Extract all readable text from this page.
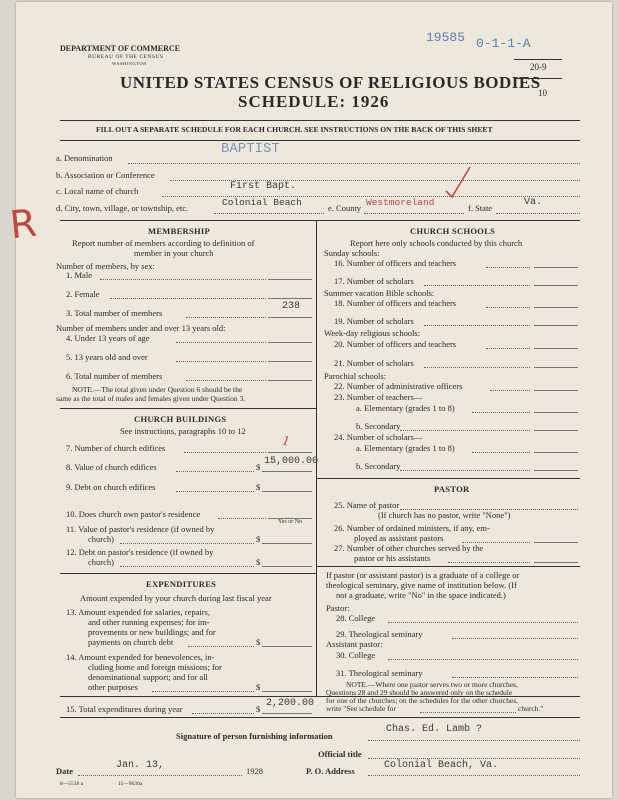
DEPARTMENT OF COMMERCE
BUREAU OF THE CENSUS
WASHINGTON
UNITED STATES CENSUS OF RELIGIOUS BODIES
SCHEDULE: 1926
19585 0-1-1-A
20-9
10
FILL OUT A SEPARATE SCHEDULE FOR EACH CHURCH. SEE INSTRUCTIONS ON THE BACK OF THIS SHEET
BAPTIST
a. Denomination
b. Association or Conference
c. Local name of church	First Bapt.
d. City, town, village, or township, etc.	Colonial Beach	e. County Westmoreland	f. State	Va.
R	MEMBERSHIP
Report number of members according to definition of
member in your church
Number of members, by sex:
1. Male
2. Female
3. Total number of members
238
Number of members under and over 13 years old:
4. Under 13 years of age
5. 13 years old and over
6. Total number of members
NOTE.—The total given under Question 6 should be the
same as the total of males and females given under Question 3.
CHURCH BUILDINGS
See instructions, paragraphs 10 to 12
7. Number of church edifices	1
8. Value of church edifices	$ 15,000.00
9. Debt on church edifices	$
10. Does church own pastor's residence
Yes or No
11. Value of pastor's residence (if owned by
church)	$
12. Debt on pastor's residence (if owned by
church)	$
EXPENDITURES
Amount expended by your church during last fiscal year
13. Amount expended for salaries, repairs,
and other running expenses; for im-
provements or new buildings; and for
payments on church debt	$
14. Amount expended for benevolences, in-
cluding home and foreign missions; for
denominational support; and for all
other purposes	$
15. Total expenditures during year	$ 2,200.00
CHURCH SCHOOLS
Report here only schools conducted by this church
Sunday schools:
16. Number of officers and teachers
17. Number of scholars
Summer vacation Bible schools:
18. Number of officers and teachers
19. Number of scholars
Week-day religious schools:
20. Number of officers and teachers
21. Number of scholars
Parochial schools:
22. Number of administrative officers
23. Number of teachers—
a. Elementary (grades 1 to 8)
b. Secondary
24. Number of scholars—
a. Elementary (grades 1 to 8)
b. Secondary
PASTOR
25. Name of pastor
(If church has no pastor, write "None")
26. Number of ordained ministers, if any, em-
ployed as assistant pastors
27. Number of other churches served by the
pastor or his assistants
If pastor (or assistant pastor) is a graduate of a college or
theological seminary, give name of institution below. (If
not a graduate, write "No" in the space indicated.)
Pastor:
28. College
29. Theological seminary
Assistant pastor:
30. College
31. Theological seminary
NOTE.—Where one pastor serves two or more churches,
Questions 28 and 29 should be answered only on the schedule
for one of the churches; on the schedules for the other churches,
write "See schedule for	church."
Signature of person furnishing information
Chas. Ed. Lamb ?
Official title
Date	Jan. 13,	1928	P. O. Address	Colonial Beach, Va.
8—5518 a	11—9636a
